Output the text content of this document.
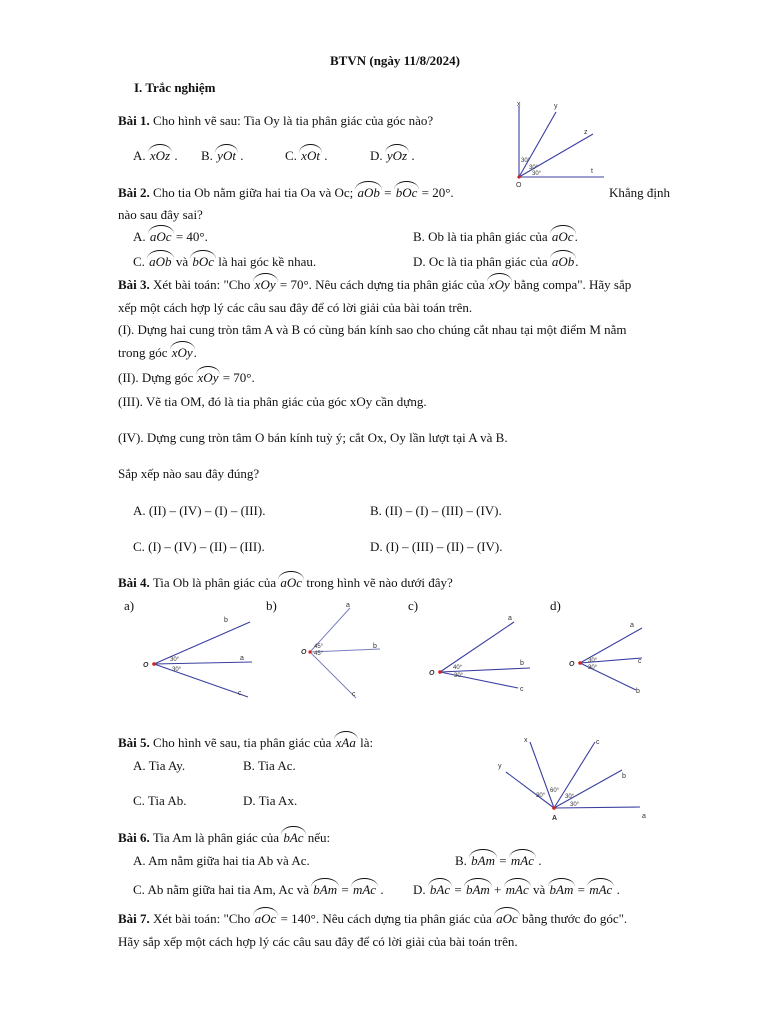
BTVN (ngày 11/8/2024)
I. Trắc nghiệm
Bài 1. Cho hình vẽ sau: Tia Oy là tia phân giác của góc nào?
A. xOz . B. yOt .	C. xOt .	D. yOz .
x	y
z
t
O
30°
30°
30°
Bài 2. Cho tia Ob nằm giữa hai tia Oa và Oc; aOb = bOc = 20°.	Khẳng định
nào sau đây sai?
A. aOc = 40°.	B. Ob là tia phân giác của aOc.
C. aOb và bOc là hai góc kề nhau.	D. Oc là tia phân giác của aOb.
Bài 3. Xét bài toán: "Cho xOy = 70°. Nêu cách dựng tia phân giác của xOy bằng compa". Hãy sắp
xếp một cách hợp lý các câu sau đây để có lời giải của bài toán trên.
(I). Dựng hai cung tròn tâm A và B có cùng bán kính sao cho chúng cắt nhau tại một điểm M nằm
trong góc xOy.
(II). Dựng góc xOy = 70°.
(III). Vẽ tia OM, đó là tia phân giác của góc xOy cần dựng.
(IV). Dựng cung tròn tâm O bán kính tuỳ ý; cắt Ox, Oy lần lượt tại A và B.
Sắp xếp nào sau đây đúng?
A. (II) – (IV) – (I) – (III).	B. (II) – (I) – (III) – (IV).
C. (I) – (IV) – (II) – (III).	D. (I) – (III) – (II) – (IV).
Bài 4. Tia Ob là phân giác của aOc trong hình vẽ nào dưới đây?
a)
b
a
c
O
30°
30°
b)	a
b
c
O
45°
45°
c)
a
b
c
O
40°
30°
d)
a
c
b
O 30°
30°
Bài 5. Cho hình vẽ sau, tia phân giác của xAa là:
A. Tia Ay.	B. Tia Ac.
C. Tia Ab.	D. Tia Ax.
x	c
y
b
A	a
30°
60°
30°
30°
Bài 6. Tia Am là phân giác của bAc nếu:
A. Am nằm giữa hai tia Ab và Ac.	B. bAm = mAc .
C. Ab nằm giữa hai tia Am, Ac và bAm = mAc . D. bAc = bAm + mAc và bAm = mAc .
Bài 7. Xét bài toán: "Cho aOc = 140°. Nêu cách dựng tia phân giác của aOc bằng thước đo góc".
Hãy sắp xếp một cách hợp lý các câu sau đây để có lời giải của bài toán trên.
